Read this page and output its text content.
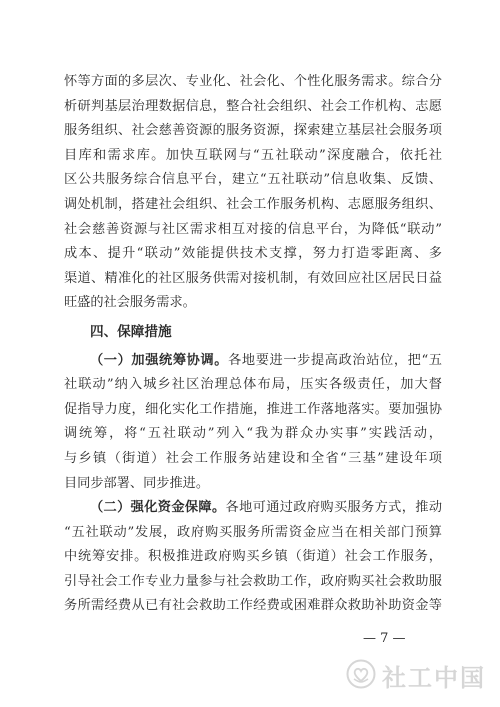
怀等方面的多层次、专业化、社会化、个性化服务需求。综合分
析研判基层治理数据信息，整合社会组织、社会工作机构、志愿
服务组织、社会慈善资源的服务资源，探索建立基层社会服务项
目库和需求库。加快互联网与“五社联动”深度融合，依托社
区公共服务综合信息平台，建立“五社联动”信息收集、反馈、
调处机制，搭建社会组织、社会工作服务机构、志愿服务组织、
社会慈善资源与社区需求相互对接的信息平台，为降低“联动”
成本、提升“联动”效能提供技术支撑，努力打造零距离、多
渠道、精准化的社区服务供需对接机制，有效回应社区居民日益
旺盛的社会服务需求。
四、保障措施
（一）加强统筹协调。各地要进一步提高政治站位，把“五
社联动”纳入城乡社区治理总体布局，压实各级责任，加大督
促指导力度，细化实化工作措施，推进工作落地落实。要加强协
调统筹，将“五社联动”列入“我为群众办实事”实践活动，
与乡镇（街道）社会工作服务站建设和全省“三基”建设年项
目同步部署、同步推进。
（二）强化资金保障。各地可通过政府购买服务方式，推动
“五社联动”发展，政府购买服务所需资金应当在相关部门预算
中统筹安排。积极推进政府购买乡镇（街道）社会工作服务，
引导社会工作专业力量参与社会救助工作，政府购买社会救助服
务所需经费从已有社会救助工作经费或困难群众救助补助资金等
— 7 —
社工中国
